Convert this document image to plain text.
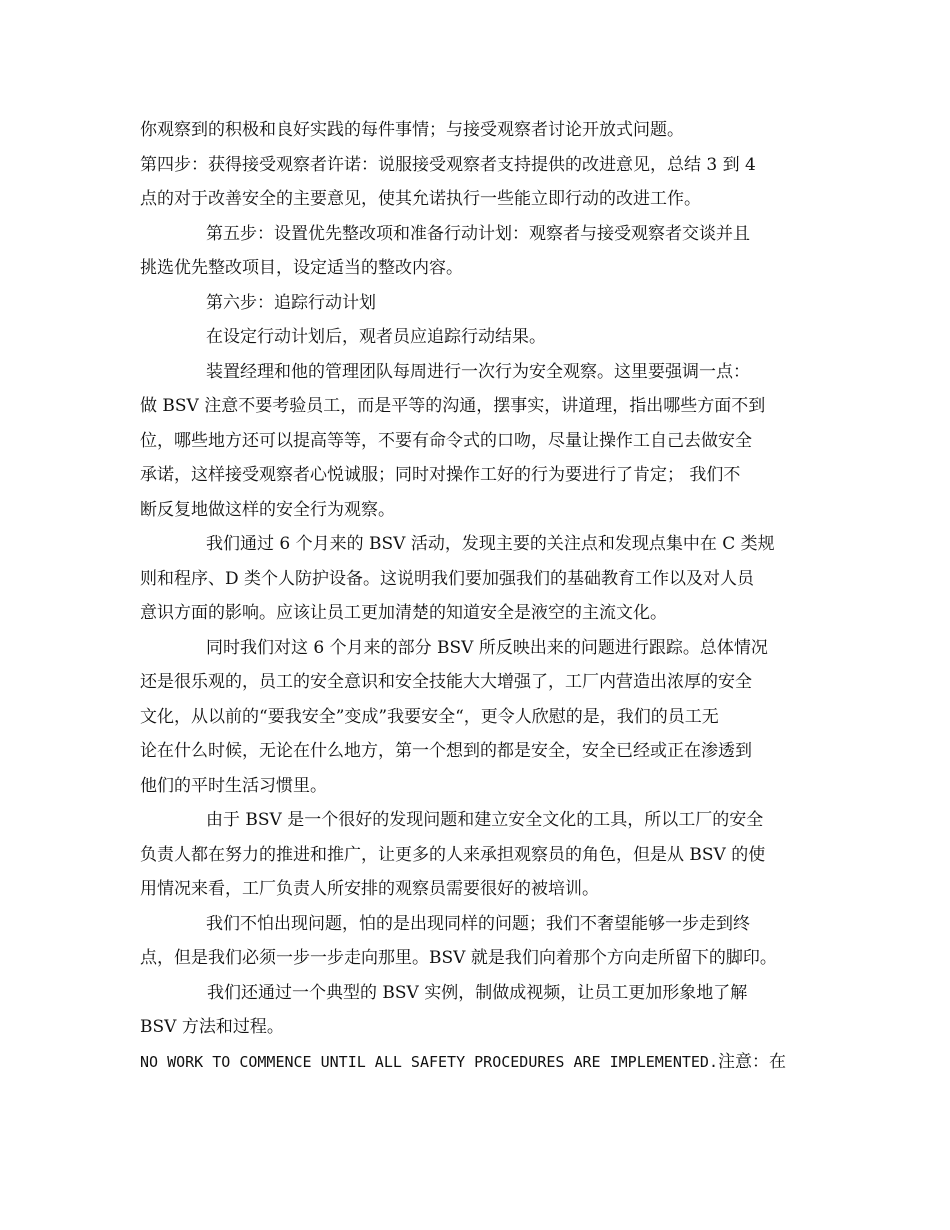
你观察到的积极和良好实践的每件事情；与接受观察者讨论开放式问题。
第四步：获得接受观察者许诺：说服接受观察者支持提供的改进意见，总结 3 到 4
点的对于改善安全的主要意见，使其允诺执行一些能立即行动的改进工作。
第五步：设置优先整改项和准备行动计划：观察者与接受观察者交谈并且
挑选优先整改项目，设定适当的整改内容。
第六步：追踪行动计划
在设定行动计划后，观者员应追踪行动结果。
装置经理和他的管理团队每周进行一次行为安全观察。这里要强调一点：
做 BSV 注意不要考验员工，而是平等的沟通，摆事实，讲道理，指出哪些方面不到
位，哪些地方还可以提高等等，不要有命令式的口吻，尽量让操作工自己去做安全
承诺，这样接受观察者心悦诚服；同时对操作工好的行为要进行了肯定； 我们不
断反复地做这样的安全行为观察。
我们通过 6 个月来的 BSV 活动，发现主要的关注点和发现点集中在 C 类规
则和程序、D 类个人防护设备。这说明我们要加强我们的基础教育工作以及对人员
意识方面的影响。应该让员工更加清楚的知道安全是液空的主流文化。
同时我们对这 6 个月来的部分 BSV 所反映出来的问题进行跟踪。总体情况
还是很乐观的，员工的安全意识和安全技能大大增强了，工厂内营造出浓厚的安全
文化，从以前的“要我安全”变成”我要安全“，更令人欣慰的是，我们的员工无
论在什么时候，无论在什么地方，第一个想到的都是安全，安全已经或正在渗透到
他们的平时生活习惯里。
由于 BSV 是一个很好的发现问题和建立安全文化的工具，所以工厂的安全
负责人都在努力的推进和推广，让更多的人来承担观察员的角色，但是从 BSV 的使
用情况来看，工厂负责人所安排的观察员需要很好的被培训。
我们不怕出现问题，怕的是出现同样的问题；我们不奢望能够一步走到终
点，但是我们必须一步一步走向那里。BSV 就是我们向着那个方向走所留下的脚印。
我们还通过一个典型的 BSV 实例，制做成视频，让员工更加形象地了解
BSV 方法和过程。
NO WORK TO COMMENCE UNTIL ALL SAFETY PROCEDURES ARE IMPLEMENTED.注意：在
